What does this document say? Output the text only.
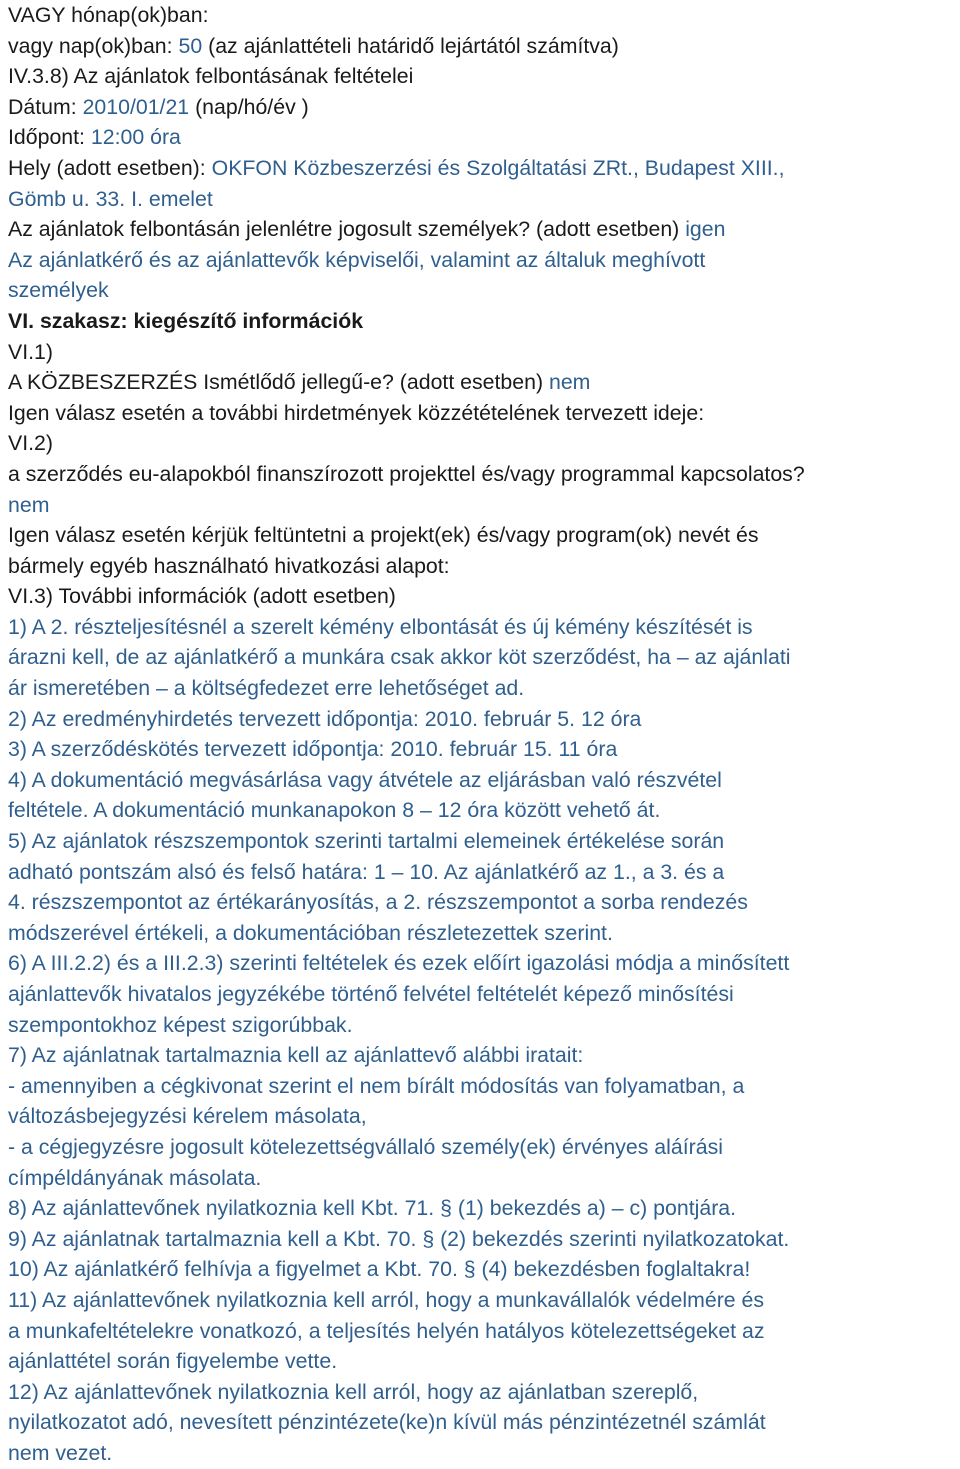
VAGY hónap(ok)ban:
vagy nap(ok)ban: 50 (az ajánlattételi határidő lejártától számítva)
IV.3.8) Az ajánlatok felbontásának feltételei
Dátum: 2010/01/21 (nap/hó/év )
Időpont: 12:00 óra
Hely (adott esetben): OKFON Közbeszerzési és Szolgáltatási ZRt., Budapest XIII.,
Gömb u. 33. I. emelet
Az ajánlatok felbontásán jelenlétre jogosult személyek? (adott esetben) igen
Az ajánlatkérő és az ajánlattevők képviselői, valamint az általuk meghívott
személyek
VI. szakasz: kiegészítő információk
VI.1)
A KÖZBESZERZÉS Ismétlődő jellegű-e? (adott esetben) nem
Igen válasz esetén a további hirdetmények közzétételének tervezett ideje:
VI.2)
a szerződés eu-alapokból finanszírozott projekttel és/vagy programmal kapcsolatos?
nem
Igen válasz esetén kérjük feltüntetni a projekt(ek) és/vagy program(ok) nevét és
bármely egyéb használható hivatkozási alapot:
VI.3) További információk (adott esetben)
1) A 2. részteljesítésnél a szerelt kémény elbontását és új kémény készítését is
árazni kell, de az ajánlatkérő a munkára csak akkor köt szerződést, ha – az ajánlati
ár ismeretében – a költségfedezet erre lehetőséget ad.
2) Az eredményhirdetés tervezett időpontja: 2010. február 5. 12 óra
3) A szerződéskötés tervezett időpontja: 2010. február 15. 11 óra
4) A dokumentáció megvásárlása vagy átvétele az eljárásban való részvétel
feltétele. A dokumentáció munkanapokon 8 – 12 óra között vehető át.
5) Az ajánlatok részszempontok szerinti tartalmi elemeinek értékelése során
adható pontszám alsó és felső határa: 1 – 10. Az ajánlatkérő az 1., a 3. és a
4. részszempontot az értékarányosítás, a 2. részszempontot a sorba rendezés
módszerével értékeli, a dokumentációban részletezettek szerint.
6) A III.2.2) és a III.2.3) szerinti feltételek és ezek előírt igazolási módja a minősített
ajánlattevők hivatalos jegyzékébe történő felvétel feltételét képező minősítési
szempontokhoz képest szigorúbbak.
7) Az ajánlatnak tartalmaznia kell az ajánlattevő alábbi iratait:
- amennyiben a cégkivonat szerint el nem bírált módosítás van folyamatban, a
változásbejegyzési kérelem másolata,
- a cégjegyzésre jogosult kötelezettségvállaló személy(ek) érvényes aláírási
címpéldányának másolata.
8) Az ajánlattevőnek nyilatkoznia kell Kbt. 71. § (1) bekezdés a) – c) pontjára.
9) Az ajánlatnak tartalmaznia kell a Kbt. 70. § (2) bekezdés szerinti nyilatkozatokat.
10) Az ajánlatkérő felhívja a figyelmet a Kbt. 70. § (4) bekezdésben foglaltakra!
11) Az ajánlattevőnek nyilatkoznia kell arról, hogy a munkavállalók védelmére és
a munkafeltételekre vonatkozó, a teljesítés helyén hatályos kötelezettségeket az
ajánlattétel során figyelembe vette.
12) Az ajánlattevőnek nyilatkoznia kell arról, hogy az ajánlatban szereplő,
nyilatkozatot adó, nevesített pénzintézete(ke)n kívül más pénzintézetnél számlát
nem vezet.
